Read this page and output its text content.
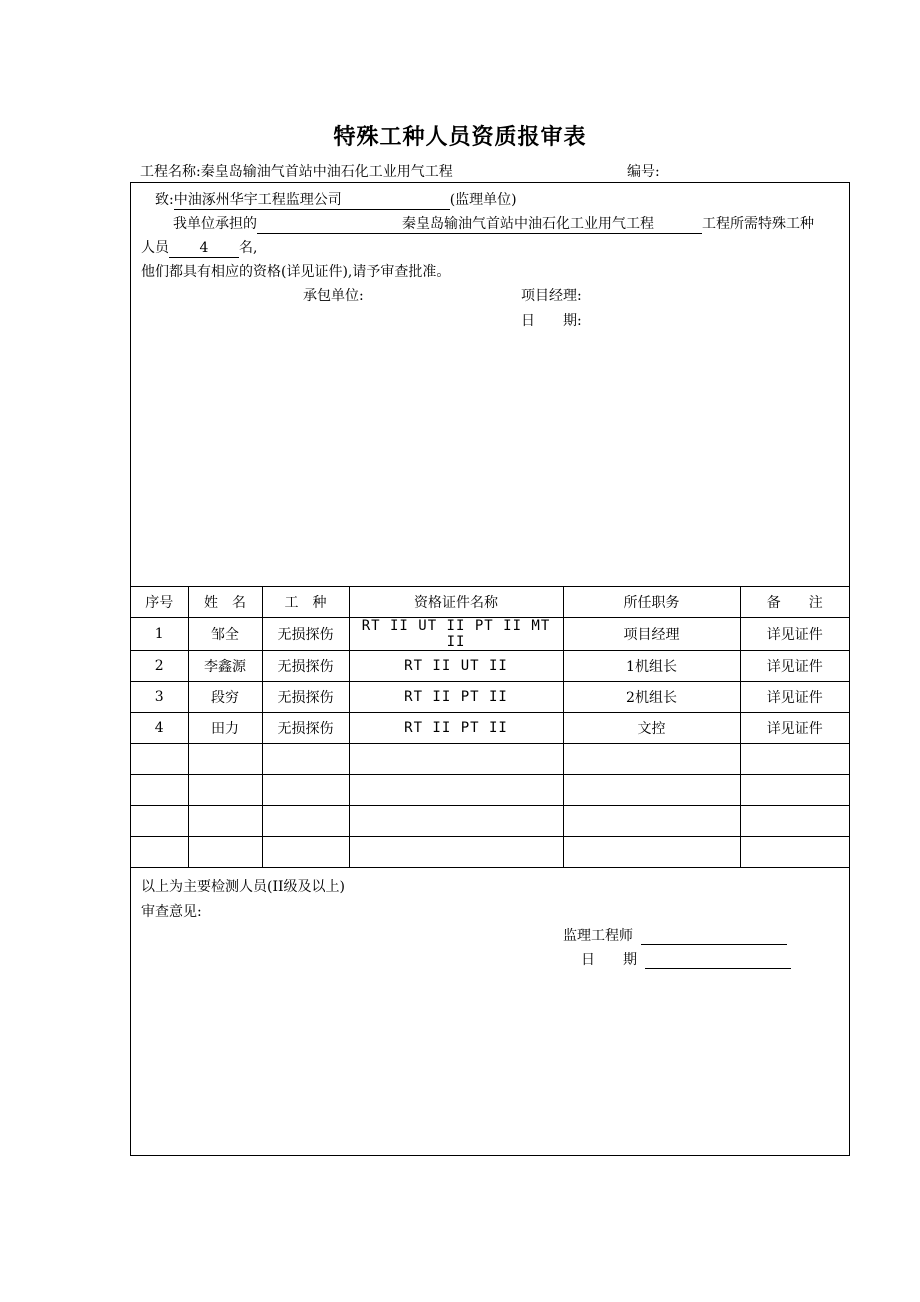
特殊工种人员资质报审表
工程名称:秦皇岛输油气首站中油石化工业用气工程	编号:
致:中油涿州华宇工程监理公司	(监理单位)
我单位承担的	秦皇岛输油气首站中油石化工业用气工程	工程所需特殊工种
人员 4 名,
他们都具有相应的资格(详见证件),请予审查批准。
承包单位:	项目经理:
日　　期:
序号	姓　名	工　种	资格证件名称	所任职务	备　　注
1	邹全	无损探伤	RT II UT II PT II MT II	项目经理	详见证件
2	李鑫源	无损探伤	RT II UT II	1机组长	详见证件
3	段穷	无损探伤	RT II PT II	2机组长	详见证件
4	田力	无损探伤	RT II PT II	文控	详见证件

以上为主要检测人员(II级及以上)
审查意见:
监理工程师
日　　期
